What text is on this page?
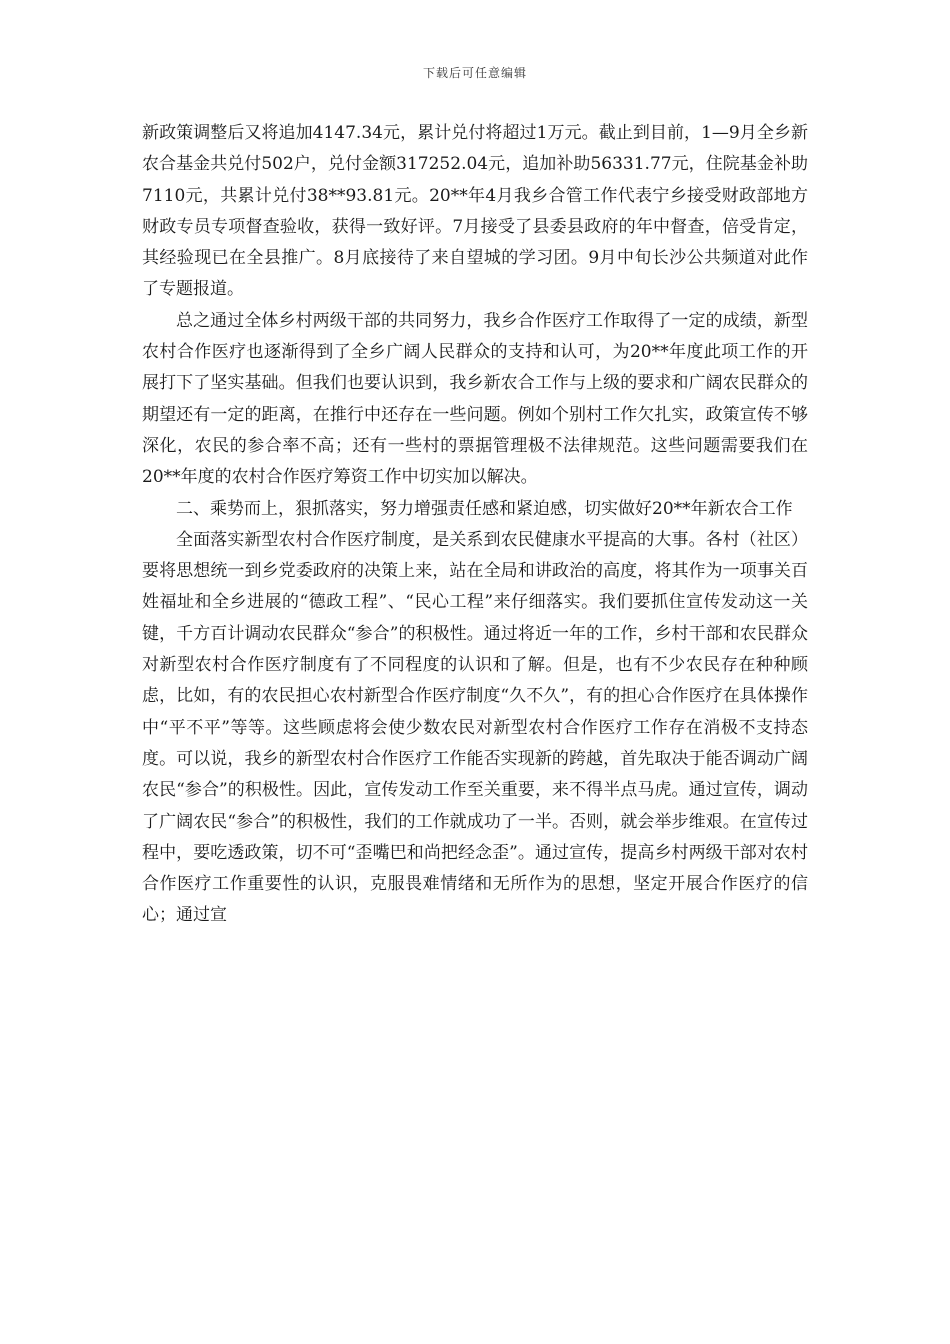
下载后可任意编辑

新政策调整后又将追加4147.34元，累计兑付将超过1万元。截止到目前，1—9月全乡新农合基金共兑付502户，兑付金额317252.04元，追加补助56331.77元，住院基金补助7110元，共累计兑付38**93.81元。20**年4月我乡合管工作代表宁乡接受财政部地方财政专员专项督查验收，获得一致好评。7月接受了县委县政府的年中督查，倍受肯定，其经验现已在全县推广。8月底接待了来自望城的学习团。9月中旬长沙公共频道对此作了专题报道。

总之通过全体乡村两级干部的共同努力，我乡合作医疗工作取得了一定的成绩，新型农村合作医疗也逐渐得到了全乡广阔人民群众的支持和认可，为20**年度此项工作的开展打下了坚实基础。但我们也要认识到，我乡新农合工作与上级的要求和广阔农民群众的期望还有一定的距离，在推行中还存在一些问题。例如个别村工作欠扎实，政策宣传不够深化，农民的参合率不高；还有一些村的票据管理极不法律规范。这些问题需要我们在20**年度的农村合作医疗筹资工作中切实加以解决。

二、乘势而上，狠抓落实，努力增强责任感和紧迫感，切实做好20**年新农合工作

全面落实新型农村合作医疗制度，是关系到农民健康水平提高的大事。各村（社区）要将思想统一到乡党委政府的决策上来，站在全局和讲政治的高度，将其作为一项事关百姓福址和全乡进展的“德政工程”、“民心工程”来仔细落实。我们要抓住宣传发动这一关键，千方百计调动农民群众“参合”的积极性。通过将近一年的工作，乡村干部和农民群众对新型农村合作医疗制度有了不同程度的认识和了解。但是，也有不少农民存在种种顾虑，比如，有的农民担心农村新型合作医疗制度“久不久”，有的担心合作医疗在具体操作中“平不平”等等。这些顾虑将会使少数农民对新型农村合作医疗工作存在消极不支持态度。可以说，我乡的新型农村合作医疗工作能否实现新的跨越，首先取决于能否调动广阔农民“参合”的积极性。因此，宣传发动工作至关重要，来不得半点马虎。通过宣传，调动了广阔农民“参合”的积极性，我们的工作就成功了一半。否则，就会举步维艰。在宣传过程中，要吃透政策，切不可“歪嘴巴和尚把经念歪”。通过宣传，提高乡村两级干部对农村合作医疗工作重要性的认识，克服畏难情绪和无所作为的思想，坚定开展合作医疗的信心；通过宣
